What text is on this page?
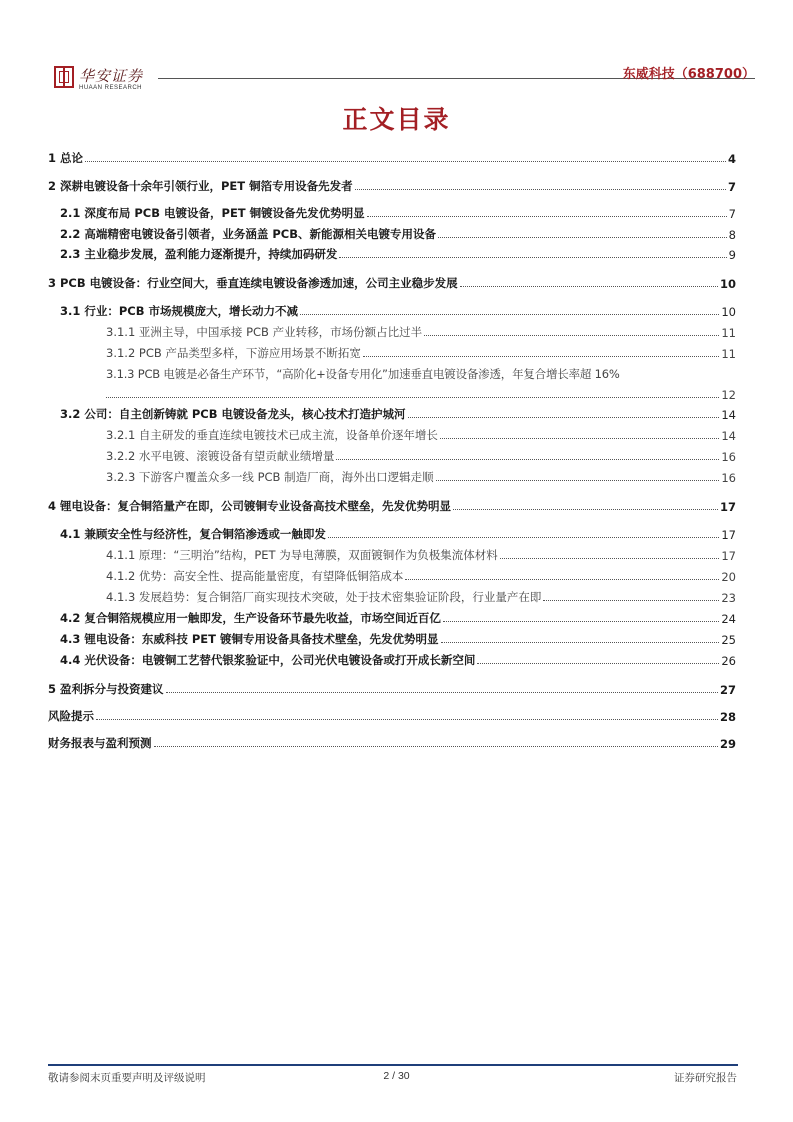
华安证券
HUAAN RESEARCH
东威科技（688700）
正文目录
1 总论	4
2 深耕电镀设备十余年引领行业，PET 铜箔专用设备先发者	7
2.1 深度布局 PCB 电镀设备，PET 铜镀设备先发优势明显	7
2.2 高端精密电镀设备引领者，业务涵盖 PCB、新能源相关电镀专用设备	8
2.3 主业稳步发展，盈利能力逐渐提升，持续加码研发	9
3 PCB 电镀设备：行业空间大，垂直连续电镀设备渗透加速，公司主业稳步发展	10
3.1 行业：PCB 市场规模庞大，增长动力不减	10
3.1.1 亚洲主导，中国承接 PCB 产业转移，市场份额占比过半	11
3.1.2 PCB 产品类型多样，下游应用场景不断拓宽	11
3.1.3 PCB 电镀是必备生产环节，“高阶化+设备专用化”加速垂直电镀设备渗透，年复合增长率超 16%
12
3.2 公司：自主创新铸就 PCB 电镀设备龙头，核心技术打造护城河	14
3.2.1 自主研发的垂直连续电镀技术已成主流，设备单价逐年增长	14
3.2.2 水平电镀、滚镀设备有望贡献业绩增量	16
3.2.3 下游客户覆盖众多一线 PCB 制造厂商，海外出口逻辑走顺	16
4 锂电设备：复合铜箔量产在即，公司镀铜专业设备高技术壁垒，先发优势明显	17
4.1 兼顾安全性与经济性，复合铜箔渗透或一触即发	17
4.1.1 原理：“三明治”结构，PET 为导电薄膜，双面镀铜作为负极集流体材料	17
4.1.2 优势：高安全性、提高能量密度，有望降低铜箔成本	20
4.1.3 发展趋势：复合铜箔厂商实现技术突破，处于技术密集验证阶段，行业量产在即	23
4.2 复合铜箔规模应用一触即发，生产设备环节最先收益，市场空间近百亿	24
4.3 锂电设备：东威科技 PET 镀铜专用设备具备技术壁垒，先发优势明显	25
4.4 光伏设备：电镀铜工艺替代银浆验证中，公司光伏电镀设备或打开成长新空间	26
5 盈利拆分与投资建议	27
风险提示	28
财务报表与盈利预测	29
敬请参阅末页重要声明及评级说明	2 / 30	证券研究报告
